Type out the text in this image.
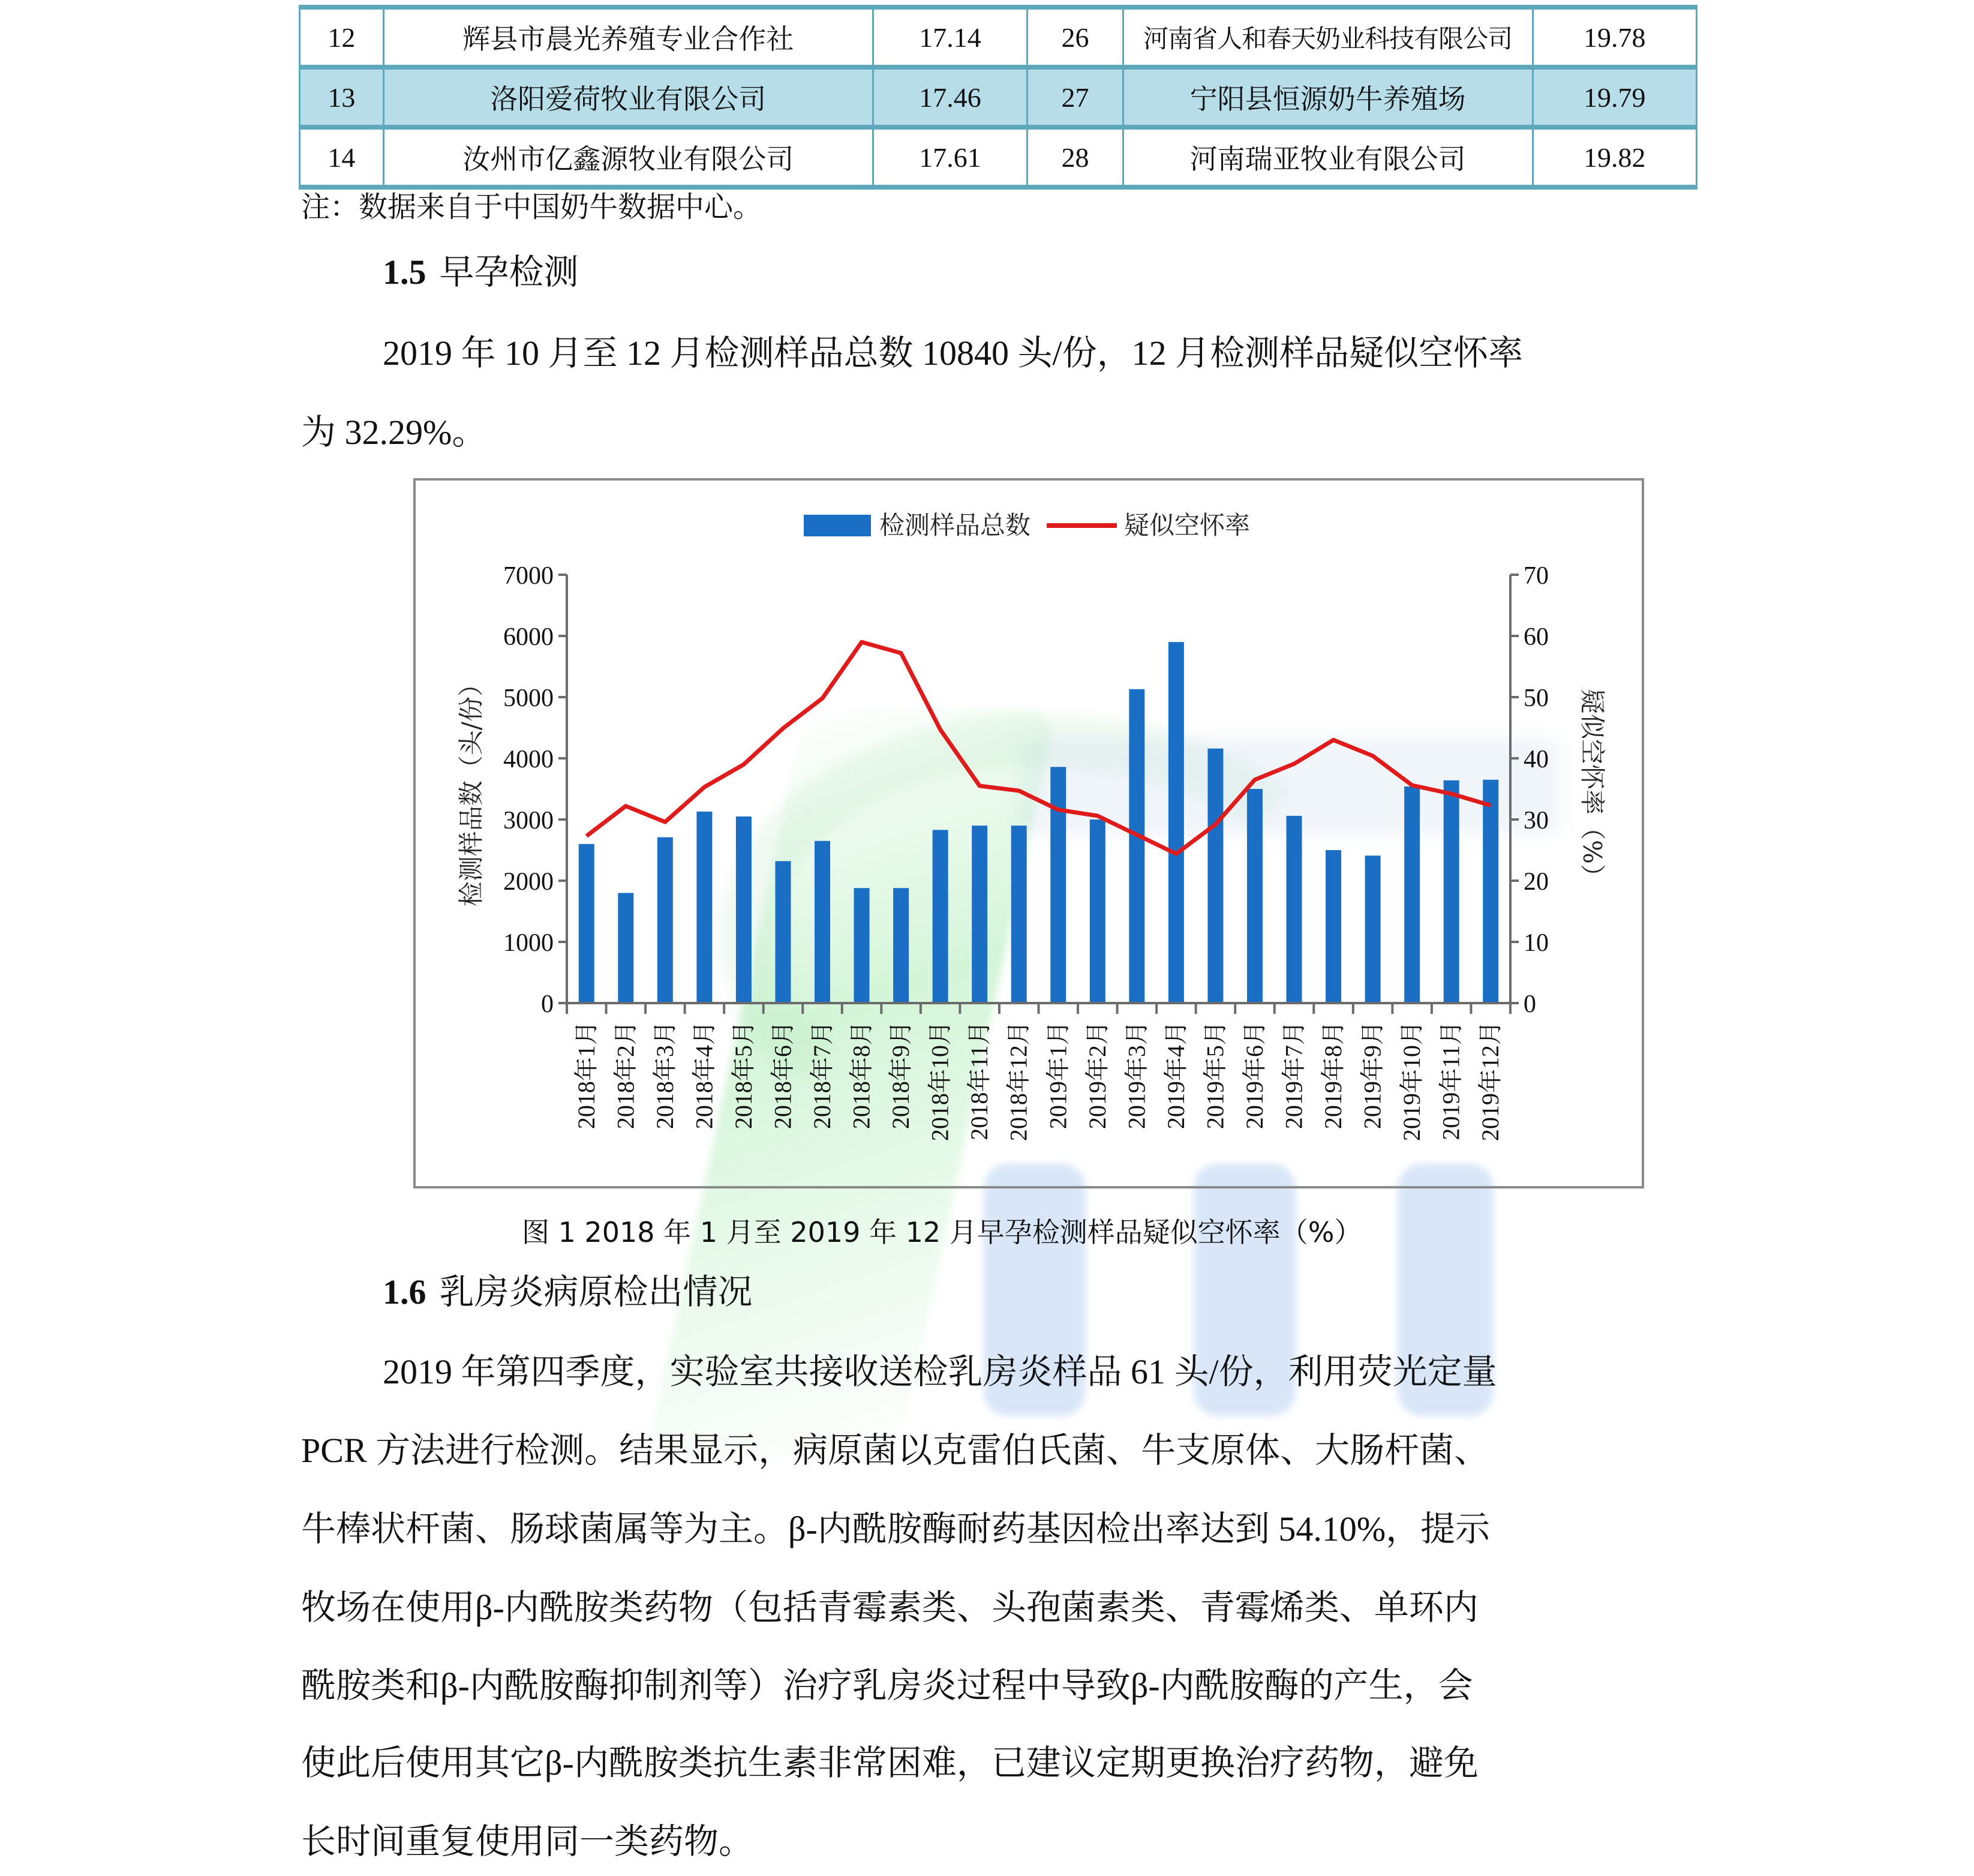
12	辉县市晨光养殖专业合作社	17.14	26	河南省人和春天奶业科技有限公司	19.78
13	洛阳爱荷牧业有限公司	17.46	27	宁阳县恒源奶牛养殖场	19.79
14	汝州市亿鑫源牧业有限公司	17.61	28	河南瑞亚牧业有限公司	19.82
注：数据来自于中国奶牛数据中心。
1.5 早孕检测
2019 年 10 月至 12 月检测样品总数 10840 头/份，12 月检测样品疑似空怀率
为 32.29%。
0
1000
2000
3000
4000
5000
6000
7000
0
10
20
30
40
50
60
70
2018年1月 2018年2月 2018年3月 2018年4月 2018年5月 2018年6月 2018年7月 2018年8月 2018年9月 2018年10月 2018年11月 2018年12月 2019年1月 2019年2月 2019年3月 2019年4月 2019年5月 2019年6月 2019年7月 2019年8月 2019年9月 2019年10月 2019年11月 2019年12月
检测样品数（头/份）	疑似空怀率（%）
检测样品总数	疑似空怀率
图 1 2018 年 1 月至 2019 年 12 月早孕检测样品疑似空怀率（%）
1.6 乳房炎病原检出情况
2019 年第四季度，实验室共接收送检乳房炎样品 61 头/份，利用荧光定量
PCR 方法进行检测。结果显示，病原菌以克雷伯氏菌、牛支原体、大肠杆菌、
牛棒状杆菌、肠球菌属等为主。β-内酰胺酶耐药基因检出率达到 54.10%，提示
牧场在使用β-内酰胺类药物（包括青霉素类、头孢菌素类、青霉烯类、单环内
酰胺类和β-内酰胺酶抑制剂等）治疗乳房炎过程中导致β-内酰胺酶的产生，会
使此后使用其它β-内酰胺类抗生素非常困难，已建议定期更换治疗药物，避免
长时间重复使用同一类药物。
